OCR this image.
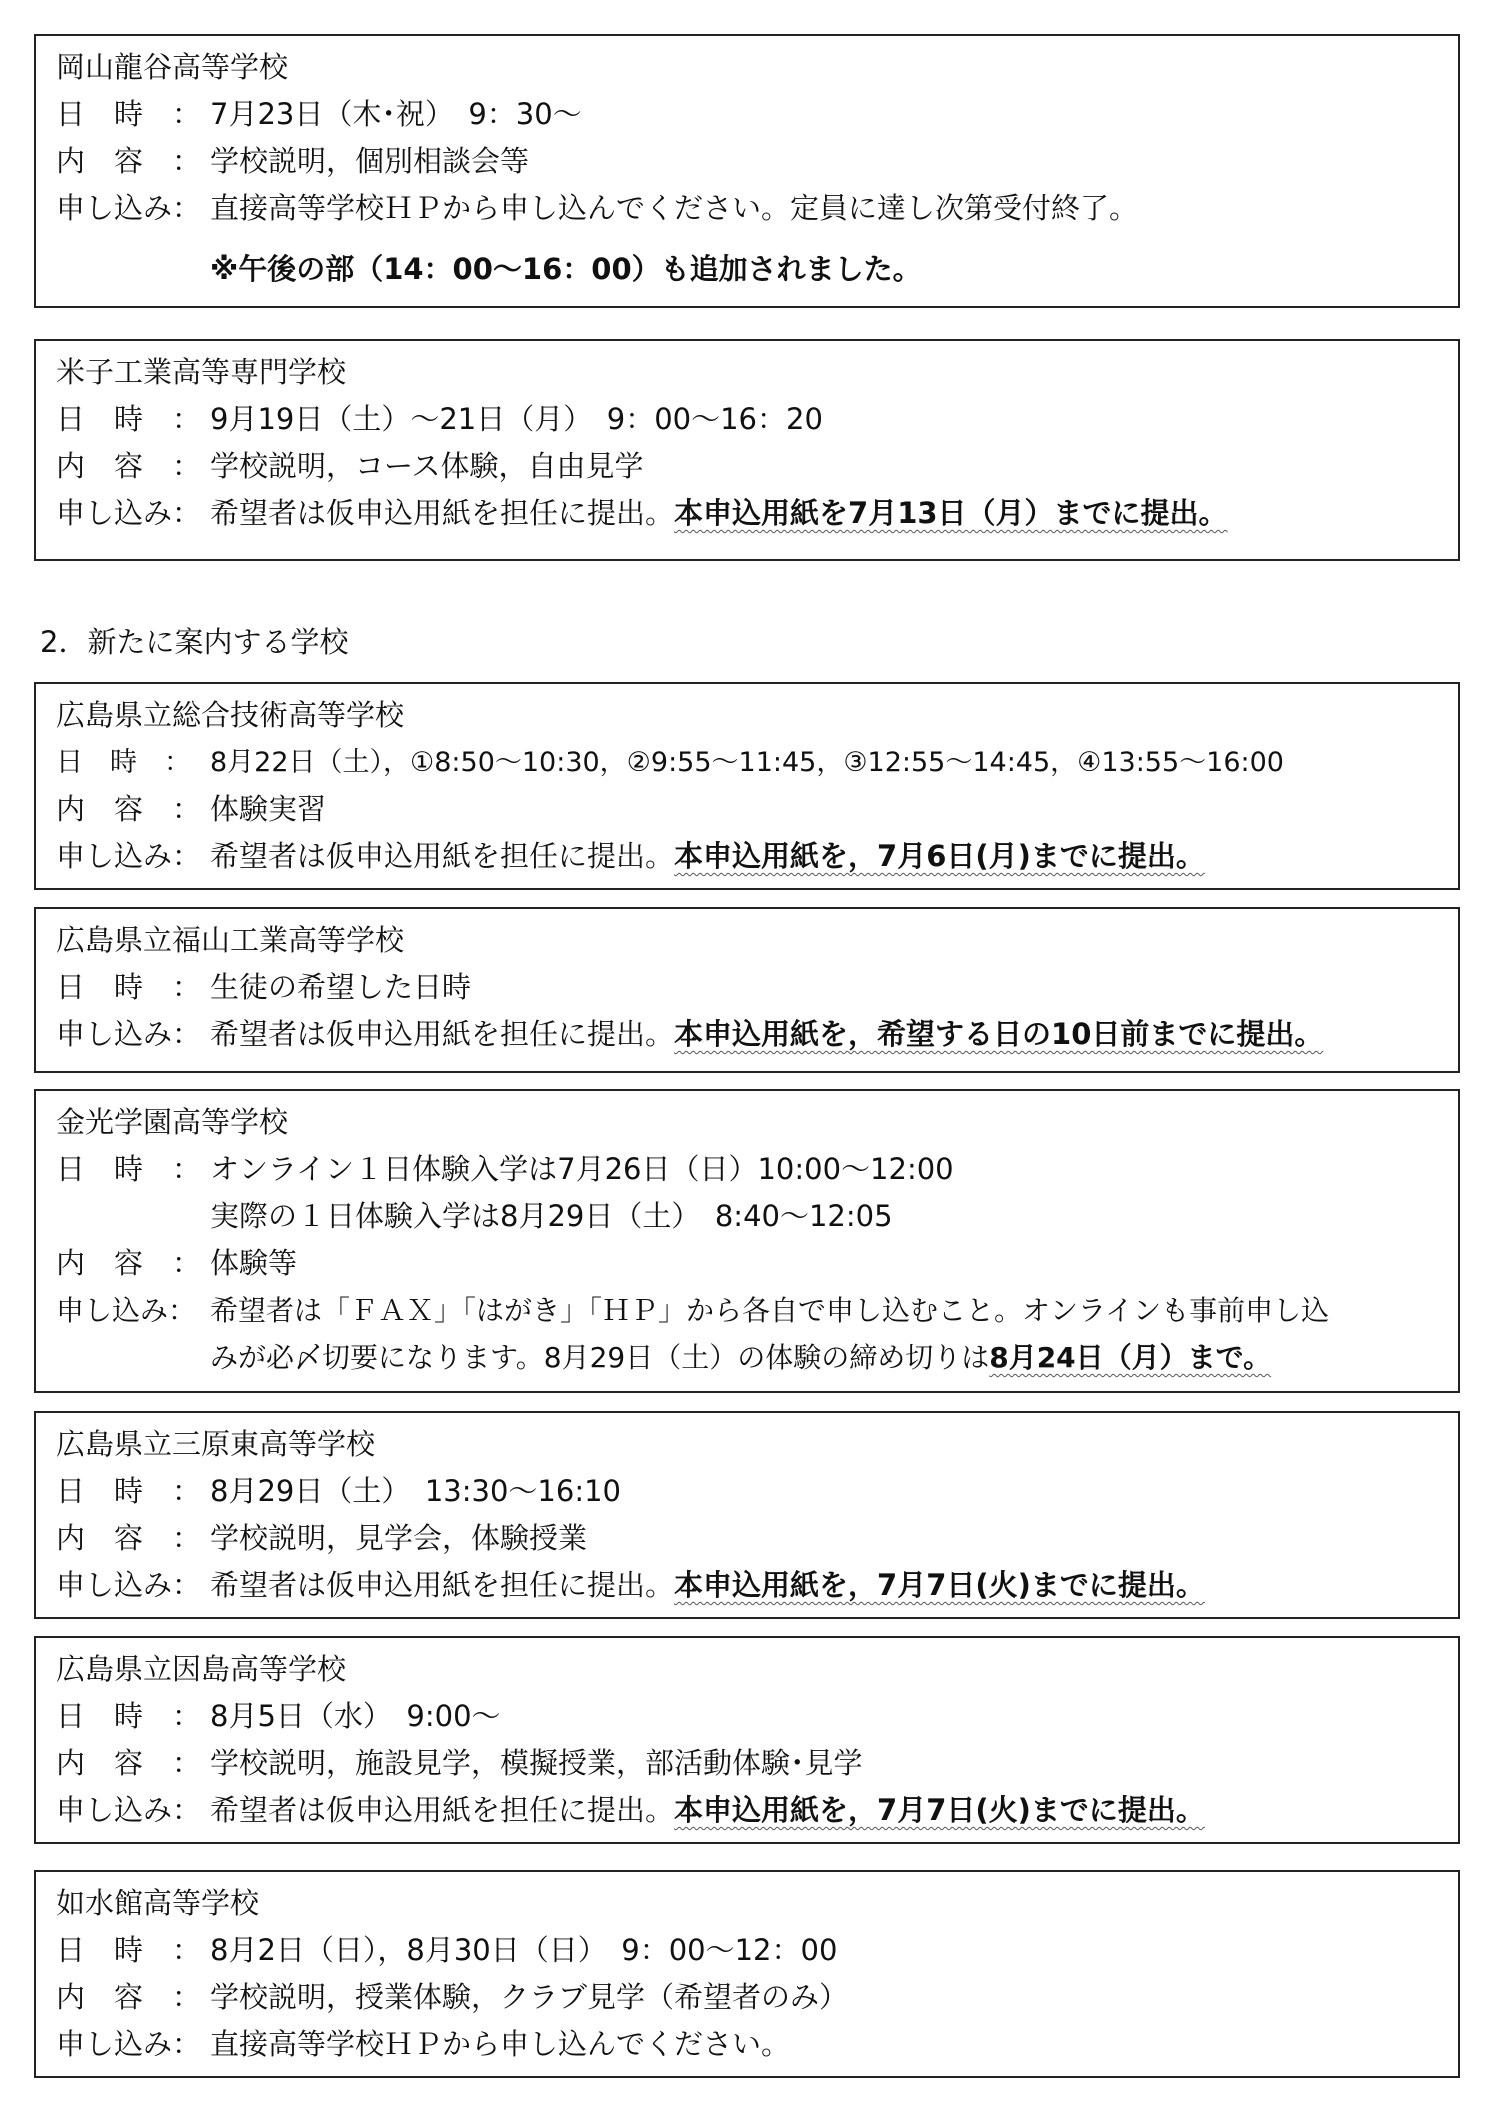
岡山龍谷高等学校
日　時　： 7月23日（木･祝）　9：30〜
内　容　： 学校説明，個別相談会等
申し込み： 直接高等学校ＨＰから申し込んでください。定員に達し次第受付終了。
※午後の部（14：00〜16：00）も追加されました。
米子工業高等専門学校
日　時　： 9月19日（土）〜21日（月）　9：00〜16：20
内　容　： 学校説明，コース体験，自由見学
申し込み： 希望者は仮申込用紙を担任に提出。本申込用紙を7月13日（月）までに提出。
2．新たに案内する学校
広島県立総合技術高等学校
日　時　： 8月22日（土），①8:50〜10:30，②9:55〜11:45，③12:55〜14:45，④13:55〜16:00
内　容　： 体験実習
申し込み： 希望者は仮申込用紙を担任に提出。本申込用紙を，7月6日(月)までに提出。
広島県立福山工業高等学校
日　時　： 生徒の希望した日時
申し込み： 希望者は仮申込用紙を担任に提出。本申込用紙を，希望する日の10日前までに提出。
金光学園高等学校
日　時　： オンライン１日体験入学は7月26日（日）10:00〜12:00
実際の１日体験入学は8月29日（土）　8:40〜12:05
内　容　： 体験等
申し込み： 希望者は「ＦＡＸ」「はがき」「ＨＰ」から各自で申し込むこと。オンラインも事前申し込
みが必〆切要になります。8月29日（土）の体験の締め切りは8月24日（月）まで。
広島県立三原東高等学校
日　時　： 8月29日（土）　13:30〜16:10
内　容　： 学校説明，見学会，体験授業
申し込み： 希望者は仮申込用紙を担任に提出。本申込用紙を，7月7日(火)までに提出。
広島県立因島高等学校
日　時　： 8月5日（水）　9:00〜
内　容　： 学校説明，施設見学，模擬授業，部活動体験･見学
申し込み： 希望者は仮申込用紙を担任に提出。本申込用紙を，7月7日(火)までに提出。
如水館高等学校
日　時　： 8月2日（日），8月30日（日）　9：00〜12：00
内　容　： 学校説明，授業体験，クラブ見学（希望者のみ）
申し込み： 直接高等学校ＨＰから申し込んでください。
